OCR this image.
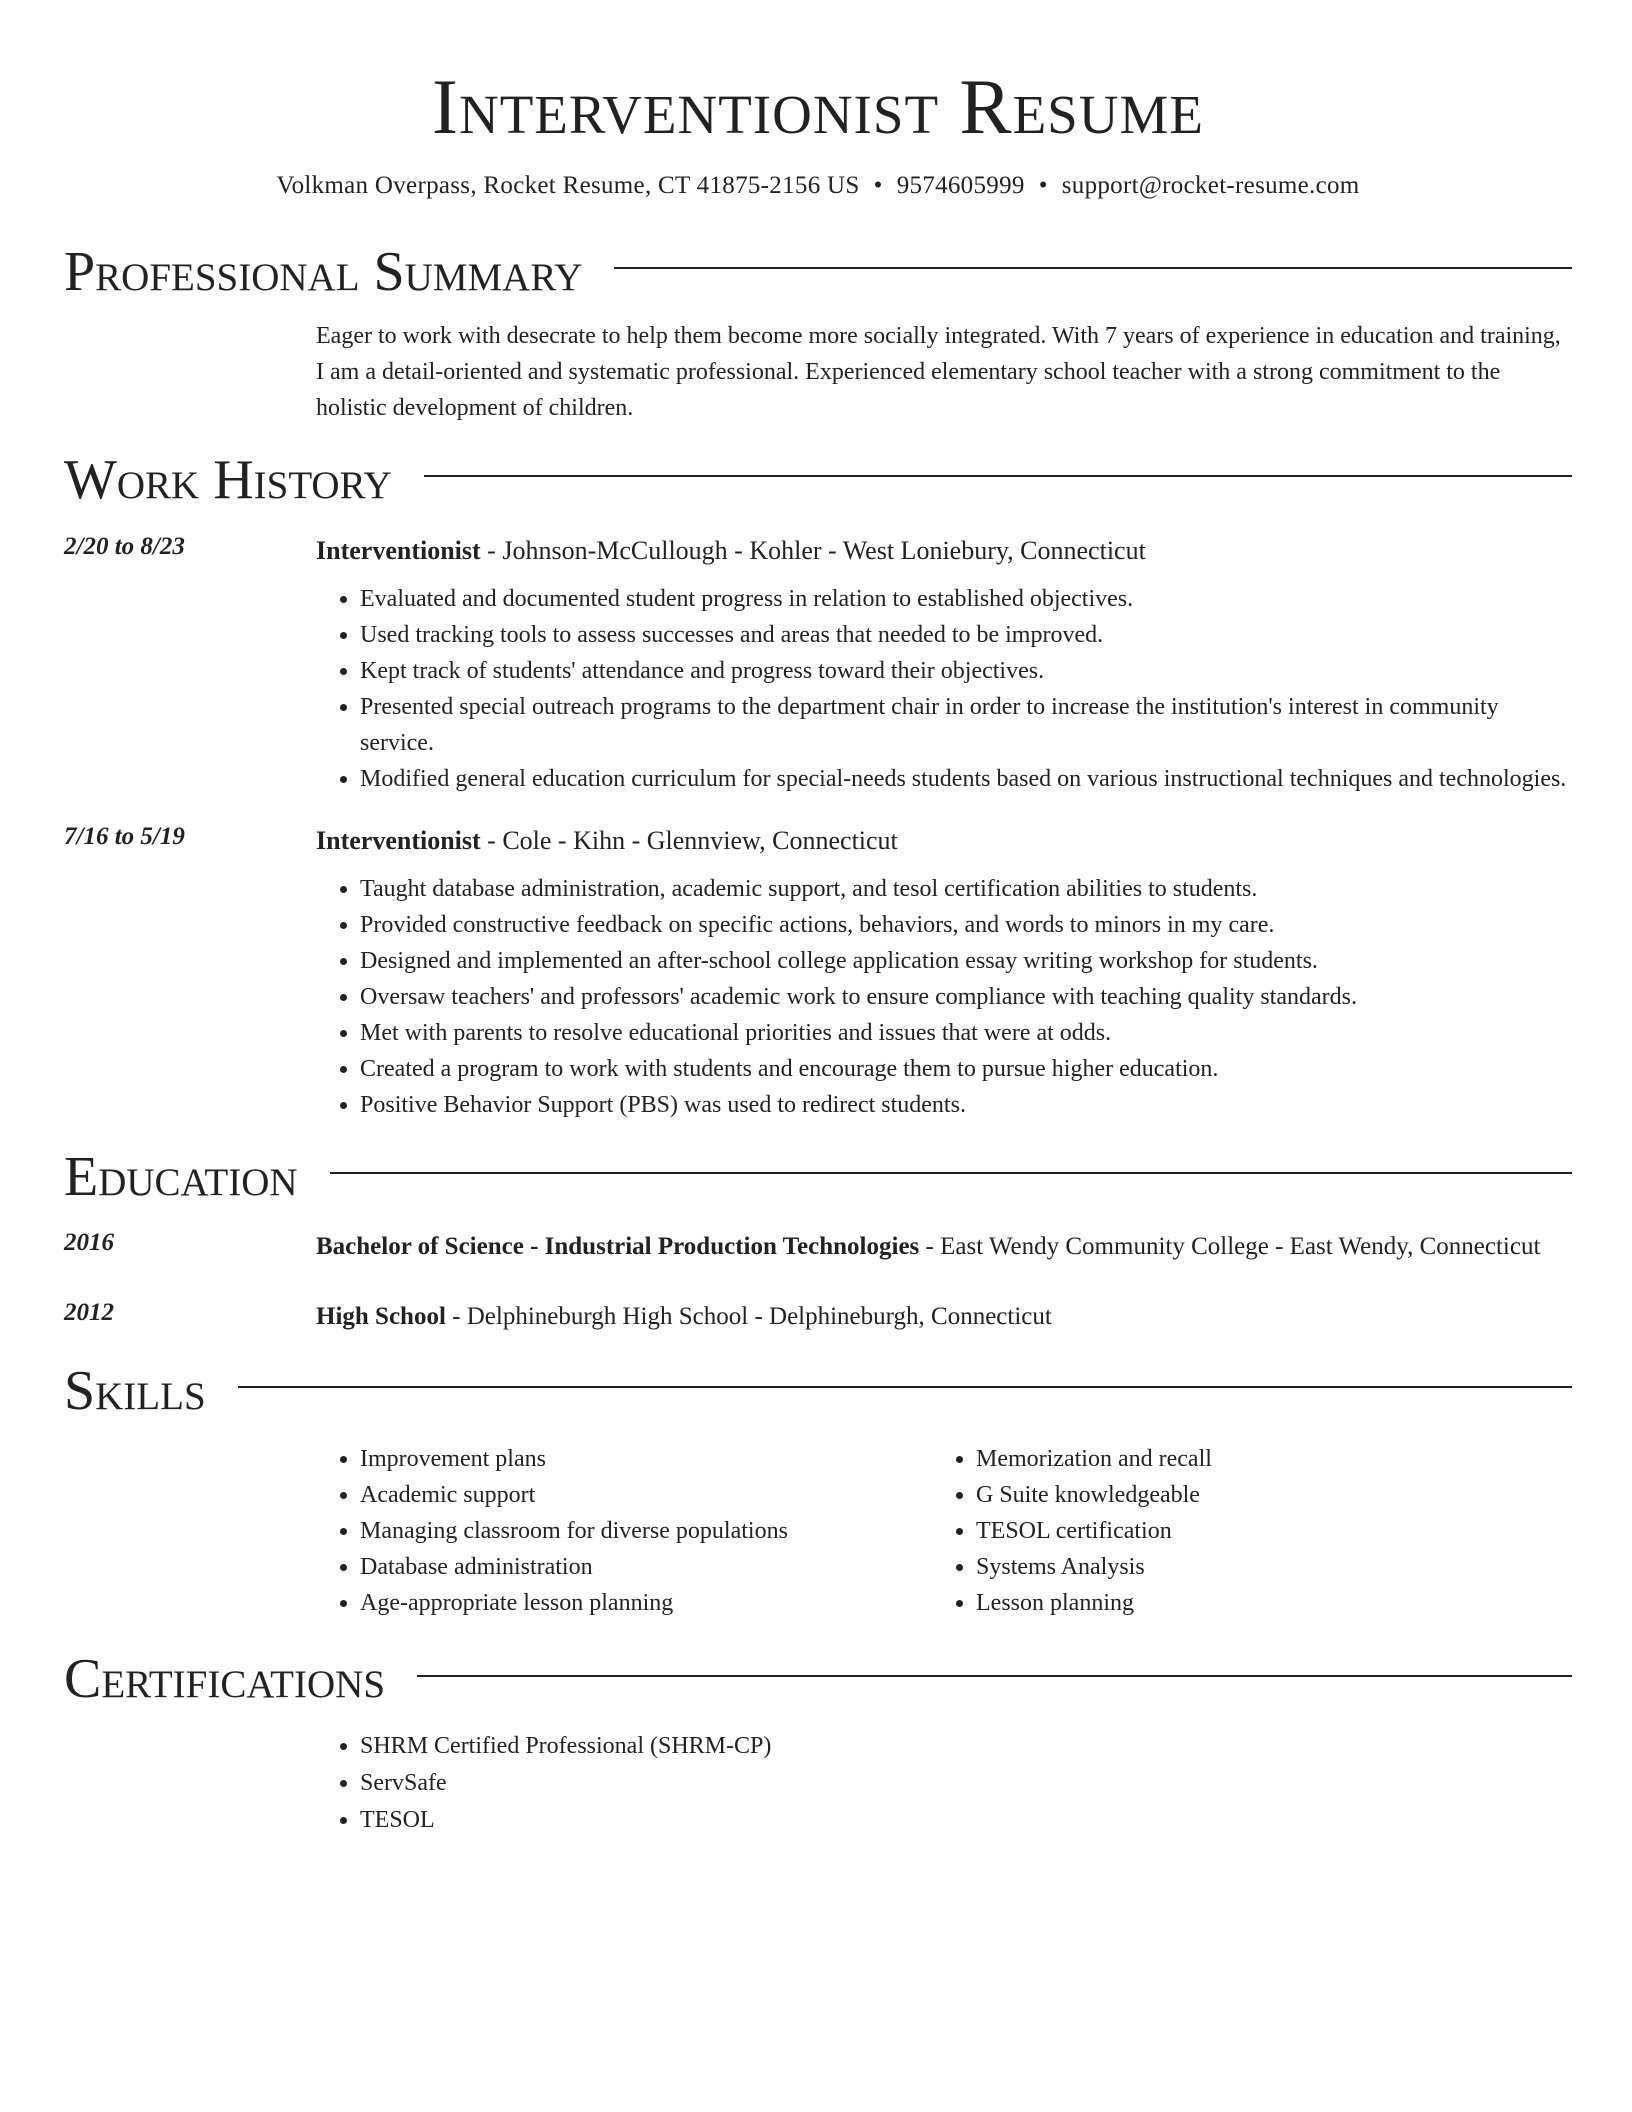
Interventionist Resume
Volkman Overpass, Rocket Resume, CT 41875-2156 US • 9574605999 • support@rocket-resume.com
Professional Summary
Eager to work with desecrate to help them become more socially integrated. With 7 years of experience in education and training, I am a detail-oriented and systematic professional. Experienced elementary school teacher with a strong commitment to the holistic development of children.
Work History
2/20 to 8/23	Interventionist - Johnson-McCullough - Kohler - West Loniebury, Connecticut
• Evaluated and documented student progress in relation to established objectives.
• Used tracking tools to assess successes and areas that needed to be improved.
• Kept track of students' attendance and progress toward their objectives.
• Presented special outreach programs to the department chair in order to increase the institution's interest in community service.
• Modified general education curriculum for special-needs students based on various instructional techniques and technologies.
7/16 to 5/19	Interventionist - Cole - Kihn - Glennview, Connecticut
• Taught database administration, academic support, and tesol certification abilities to students.
• Provided constructive feedback on specific actions, behaviors, and words to minors in my care.
• Designed and implemented an after-school college application essay writing workshop for students.
• Oversaw teachers' and professors' academic work to ensure compliance with teaching quality standards.
• Met with parents to resolve educational priorities and issues that were at odds.
• Created a program to work with students and encourage them to pursue higher education.
• Positive Behavior Support (PBS) was used to redirect students.
Education
2016	Bachelor of Science - Industrial Production Technologies - East Wendy Community College - East Wendy, Connecticut
2012	High School - Delphineburgh High School - Delphineburgh, Connecticut
Skills
• Improvement plans
• Academic support
• Managing classroom for diverse populations
• Database administration
• Age-appropriate lesson planning
• Memorization and recall
• G Suite knowledgeable
• TESOL certification
• Systems Analysis
• Lesson planning
Certifications
• SHRM Certified Professional (SHRM-CP)
• ServSafe
• TESOL
